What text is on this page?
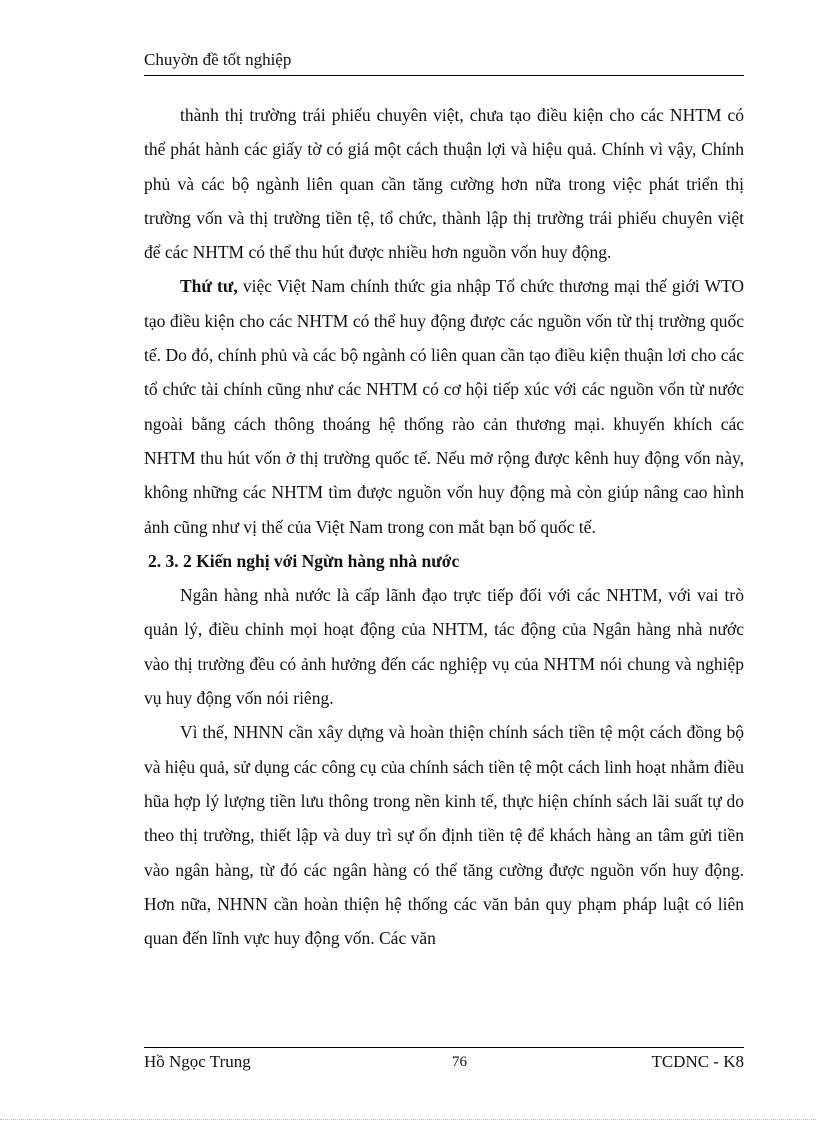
Chuyờn đề tốt nghiệp

thành thị trường trái phiếu chuyên việt, chưa tạo điều kiện cho các NHTM có thể phát hành các giấy tờ có giá một cách thuận lợi và hiệu quả. Chính vì vậy, Chính phủ và các bộ ngành liên quan cần tăng cường hơn nữa trong việc phát triển thị trường vốn và thị trường tiền tệ, tổ chức, thành lập thị trường trái phiếu chuyên việt để các NHTM có thể thu hút được nhiều hơn nguồn vốn huy động.

Thứ tư, việc Việt Nam chính thức gia nhập Tổ chức thương mại thế giới WTO tạo điều kiện cho các NHTM có thể huy động được các nguồn vốn từ thị trường quốc tế. Do đó, chính phủ và các bộ ngành có liên quan cần tạo điều kiện thuận lơi cho các tổ chức tài chính cũng như các NHTM có cơ hội tiếp xúc với các nguồn vốn từ nước ngoài bằng cách thông thoáng hệ thống rào cản thương mại. khuyến khích các NHTM thu hút vốn ở thị trường quốc tế. Nếu mở rộng được kênh huy động vốn này, không những các NHTM tìm được nguồn vốn huy động mà còn giúp nâng cao hình ảnh cũng như vị thế của Việt Nam trong con mắt bạn bố quốc tế.

2. 3. 2 Kiến nghị với Ngừn hàng nhà nước

Ngân hàng nhà nước là cấp lãnh đạo trực tiếp đối với các NHTM, với vai trò quản lý, điều chỉnh mọi hoạt động của NHTM, tác động của Ngân hàng nhà nước vào thị trường đều có ảnh hưởng đến các nghiệp vụ của NHTM nói chung và nghiệp vụ huy động vốn nói riêng.

Vì thế, NHNN cần xây dựng và hoàn thiện chính sách tiền tệ một cách đồng bộ và hiệu quả, sử dụng các công cụ của chính sách tiền tệ một cách linh hoạt nhằm điều hũa hợp lý lượng tiền lưu thông trong nền kinh tế, thực hiện chính sách lãi suất tự do theo thị trường, thiết lập và duy trì sự ổn định tiền tệ để khách hàng an tâm gửi tiền vào ngân hàng, từ đó các ngân hàng có thể tăng cường được nguồn vốn huy động. Hơn nữa, NHNN cần hoàn thiện hệ thống các văn bản quy phạm pháp luật có liên quan đến lĩnh vực huy động vốn. Các văn

Hồ Ngọc Trung	76	TCDNC - K8
